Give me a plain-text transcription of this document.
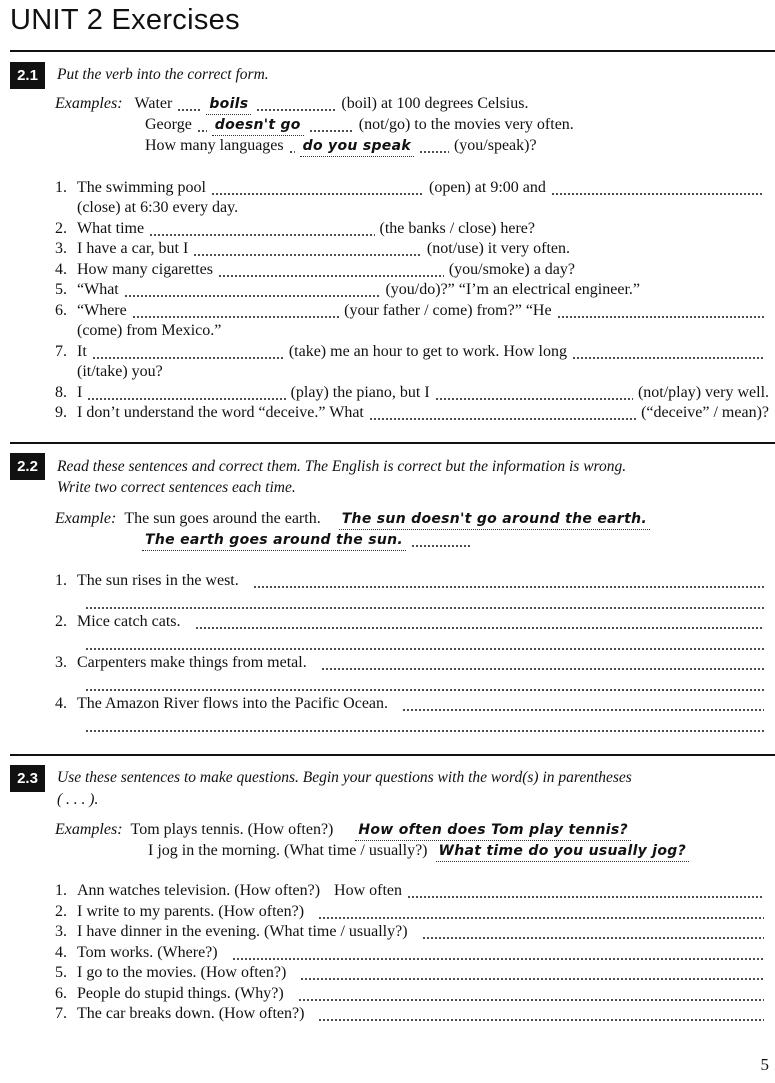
UNIT 2 Exercises
2.1	Put the verb into the correct form.
Examples: Water	boils	(boil) at 100 degrees Celsius.
George doesn't go	(not/go) to the movies very often.
How many languages do you speak	(you/speak)?
1. The swimming pool	(open) at 9:00 and
(close) at 6:30 every day.
2. What time	(the banks / close) here?
3. I have a car, but I	(not/use) it very often.
4. How many cigarettes	(you/smoke) a day?
5. “What	(you/do)?” “I’m an electrical engineer.”
6. “Where	(your father / come) from?” “He
(come) from Mexico.”
7. It	(take) me an hour to get to work. How long
(it/take) you?
8. I	(play) the piano, but I	(not/play) very well.
9. I don’t understand the word “deceive.” What	(“deceive” / mean)?
2.2	Read these sentences and correct them. The English is correct but the information is wrong.
Write two correct sentences each time.
Example: The sun goes around the earth. The sun doesn't go around the earth.
The earth goes around the sun.
1. The sun rises in the west.
2. Mice catch cats.
3. Carpenters make things from metal.
4. The Amazon River flows into the Pacific Ocean.
2.3	Use these sentences to make questions. Begin your questions with the word(s) in parentheses
( . . . ).
Examples: Tom plays tennis. (How often?) How often does Tom play tennis?
I jog in the morning. (What time / usually?) What time do you usually jog?
1. Ann watches television. (How often?) How often
2. I write to my parents. (How often?)
3. I have dinner in the evening. (What time / usually?)
4. Tom works. (Where?)
5. I go to the movies. (How often?)
6. People do stupid things. (Why?)
7. The car breaks down. (How often?)
5
